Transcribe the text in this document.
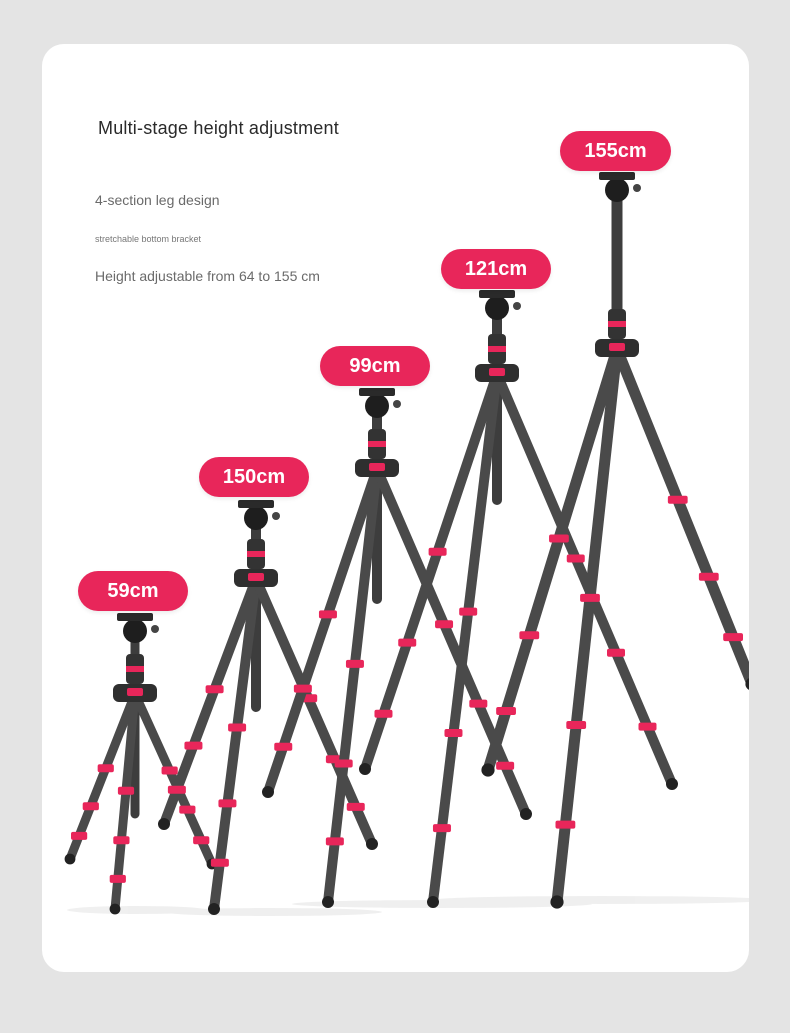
Multi-stage height adjustment
4-section leg design
stretchable bottom bracket
Height adjustable from 64 to 155 cm
59cm
150cm
99cm
121cm
155cm
